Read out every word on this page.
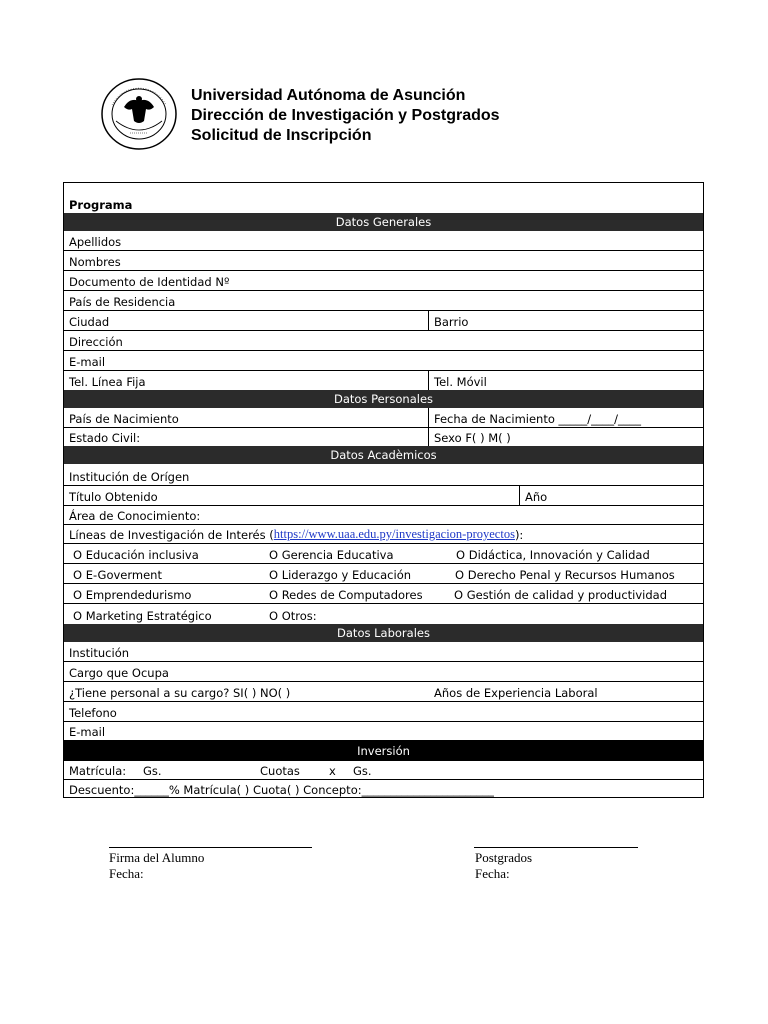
Universidad Autónoma de Asunción
Dirección de Investigación y Postgrados
Solicitud de Inscripción
Programa
Datos Generales
Apellidos
Nombres
Documento de Identidad Nº
País de Residencia
Ciudad	Barrio
Dirección
E-mail
Tel. Línea Fija	Tel. Móvil
Datos Personales
País de Nacimiento	Fecha de Nacimiento _____/____/____
Estado Civil:	Sexo F( ) M( )
Datos Acadèmicos
Institución de Orígen
Título Obtenido	Año
Área de Conocimiento:
Líneas de Investigación de Interés ( https://www.uaa.edu.py/investigacion-proyectos ):
O Educación inclusiva	O Gerencia Educativa	O Didáctica, Innovación y Calidad
O E-Goverment	O Liderazgo y Educación	O Derecho Penal y Recursos Humanos
O Emprendedurismo	O Redes de Computadores	O Gestión de calidad y productividad
O Marketing Estratégico	O Otros:
Datos Laborales
Institución
Cargo que Ocupa
¿Tiene personal a su cargo? SI( ) NO( )	Años de Experiencia Laboral
Telefono
E-mail
Inversión
Matrícula:	Gs.	Cuotas	x	Gs.
Descuento:______% Matrícula( ) Cuota( ) Concepto:_______________________
Firma del Alumno
Fecha:
Postgrados
Fecha:
